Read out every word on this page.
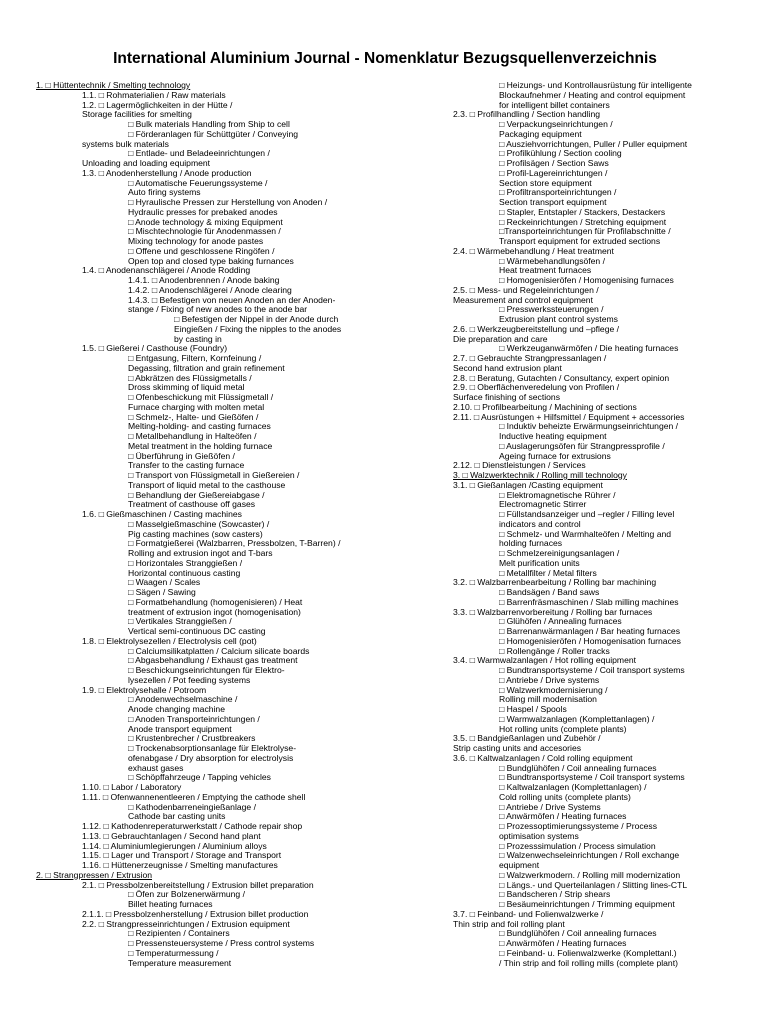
International Aluminium Journal - Nomenklatur Bezugsquellenverzeichnis
1. □ Hüttentechnik / Smelting technology
1.1. □ Rohmaterialien / Raw materials
1.2. □ Lagermöglichkeiten in der Hütte /
Storage facilities for smelting
□ Bulk materials Handling from Ship to cell
□ Förderanlagen für Schüttgüter / Conveying
systems bulk materials
□ Entlade- und Beladeeinrichtungen /
Unloading and loading equipment
1.3. □ Anodenherstellung / Anode production
□ Automatische Feuerungssysteme /
Auto firing systems
□ Hyraulische Pressen zur Herstellung von Anoden /
Hydraulic presses for prebaked anodes
□ Anode technology & mixing Equipment
□ Mischtechnologie für Anodenmassen /
Mixing technology for anode pastes
□ Offene und geschlossene Ringöfen /
Open top and closed type baking furnances
1.4. □ Anodenanschlägerei / Anode Rodding
1.4.1. □ Anodenbrennen / Anode baking
1.4.2. □ Anodenschlägerei / Anode clearing
1.4.3. □ Befestigen von neuen Anoden an der Anoden-
stange / Fixing of new anodes to the anode bar
□ Befestigen der Nippel in der Anode durch
Eingießen / Fixing the nipples to the anodes
by casting in
1.5. □ Gießerei / Casthouse (Foundry)
□ Entgasung, Filtern, Kornfeinung /
Degassing, filtration and grain refinement
□ Abkrätzen des Flüssigmetalls /
Dross skimming of liquid metal
□ Ofenbeschickung mit Flüssigmetall /
Furnace charging with molten metal
□ Schmelz-, Halte- und Gießöfen /
Melting-holding- and casting furnaces
□ Metallbehandlung in Halteöfen /
Metal treatment in the holding furnace
□ Überführung in Gießöfen /
Transfer to the casting furnace
□ Transport von Flüssigmetall in Gießereien /
Transport of liquid metal to the casthouse
□ Behandlung der Gießereiabgase /
Treatment of casthouse off gases
1.6. □ Gießmaschinen / Casting machines
□ Masselgießmaschine (Sowcaster) /
Pig casting machines (sow casters)
□ Formatgießerei (Walzbarren, Pressbolzen, T-Barren) /
Rolling and extrusion ingot and T-bars
□ Horizontales Stranggießen /
Horizontal continuous casting
□ Waagen / Scales
□ Sägen / Sawing
□ Formatbehandlung (homogenisieren) / Heat
treatment of extrusion ingot (homogenisation)
□ Vertikales Stranggießen /
Vertical semi-continuous DC casting
1.8. □ Elektrolysezellen / Electrolysis cell (pot)
□ Calciumsilikatplatten / Calcium silicate boards
□ Abgasbehandlung / Exhaust gas treatment
□ Beschickungseinrichtungen für Elektro-
lysezellen / Pot feeding systems
1.9. □ Elektrolysehalle / Potroom
□ Anodenwechselmaschine /
Anode changing machine
□ Anoden Transporteinrichtungen /
Anode transport equipment
□ Krustenbrecher / Crustbreakers
□ Trockenabsorptionsanlage für Elektrolyse-
ofenabgase / Dry absorption for electrolysis
exhaust gases
□ Schöpffahrzeuge / Tapping vehicles
1.10. □ Labor / Laboratory
1.11. □ Ofenwannenentleeren / Emptying the cathode shell
□ Kathodenbarreneingießanlage /
Cathode bar casting units
1.12. □ Kathodenreperaturwerkstatt / Cathode repair shop
1.13. □ Gebrauchtanlagen / Second hand plant
1.14. □ Aluminiumlegierungen / Aluminium alloys
1.15. □ Lager und Transport / Storage and Transport
1.16. □ Hüttenerzeugnisse / Smelting manufactures
2. □ Strangpressen / Extrusion
2.1. □ Pressbolzenbereitstellung / Extrusion billet preparation
□ Öfen zur Bolzenerwärmung /
Billet heating furnaces
2.1.1. □ Pressbolzenherstellung / Extrusion billet production
2.2. □ Strangpresseinrichtungen / Extrusion equipment
□ Rezipienten / Containers
□ Pressensteuersysteme / Press control systems
□ Temperaturmessung /
Temperature measurement
□ Heizungs- und Kontrollausrüstung für intelligente
Blockaufnehmer / Heating and control equipment
for intelligent billet containers
2.3. □ Profilhandling / Section handling
□ Verpackungseinrichtungen /
Packaging equipment
□ Ausziehvorrichtungen, Puller / Puller equipment
□ Profilkühlung / Section cooling
□ Profilsägen / Section Saws
□ Profil-Lagereinrichtungen /
Section store equipment
□ Profiltransporteinrichtungen /
Section transport equipment
□ Stapler, Entstapler / Stackers, Destackers
□ Reckeinrichtungen / Stretching equipment
□Transporteinrichtungen für Profilabschnitte /
Transport equipment for extruded sections
2.4. □ Wärmebehandlung / Heat treatment
□ Wärmebehandlungsöfen /
Heat treatment furnaces
□ Homogenisieröfen / Homogenising furnaces
2.5. □ Mess- und Regeleinrichtungen /
Measurement and control equipment
□ Presswerkssteuerungen /
Extrusion plant control systems
2.6. □ Werkzeugbereitstellung und –pflege /
Die preparation and care
□ Werkzeuganwärmöfen / Die heating furnaces
2.7. □ Gebrauchte Strangpressanlagen /
Second hand extrusion plant
2.8. □ Beratung, Gutachten / Consultancy, expert opinion
2.9. □ Oberflächenveredelung von Profilen /
Surface finishing of sections
2.10. □ Profilbearbeitung / Machining of sections
2.11. □ Ausrüstungen + Hilfsmittel / Equipment + accessories
□ Induktiv beheizte Erwärmungseinrichtungen /
Inductive heating equipment
□ Auslagerungsöfen für Strangpressprofile /
Ageing furnace for extrusions
2.12. □ Dienstleistungen / Services
3. □ Walzwerktechnik / Rolling mill technology
3.1. □ Gießanlagen /Casting equipment
□ Elektromagnetische Rührer /
Electromagnetic Stirrer
□ Füllstandsanzeiger und –regler / Filling level
indicators and control
□ Schmelz- und Warmhalteöfen / Melting and
holding furnaces
□ Schmelzereinigungsanlagen /
Melt purification units
□ Metallfilter / Metal filters
3.2. □ Walzbarrenbearbeitung / Rolling bar machining
□ Bandsägen / Band saws
□ Barrenfräsmaschinen / Slab milling machines
3.3. □ Walzbarrenvorbereitung / Rolling bar furnaces
□ Glühöfen / Annealing furnaces
□ Barrenanwärmanlagen / Bar heating furnaces
□ Homogenisieröfen / Homogenisation furnaces
□ Rollengänge / Roller tracks
3.4. □ Warmwalzanlagen / Hot rolling equipment
□ Bundtransportsysteme / Coil transport systems
□ Antriebe / Drive systems
□ Walzwerkmodernisierung /
Rolling mill modernisation
□ Haspel / Spools
□ Warmwalzanlagen (Komplettanlagen) /
Hot rolling units (complete plants)
3.5. □ Bandgießanlagen und Zubehör /
Strip casting units and accesories
3.6. □ Kaltwalzanlagen / Cold rolling equipment
□ Bundglühöfen / Coil annealing furnaces
□ Bundtransportsysteme / Coil transport systems
□ Kaltwalzanlagen (Komplettanlagen) /
Cold rolling units (complete plants)
□ Antriebe / Drive Systems
□ Anwärmöfen / Heating furnaces
□ Prozessoptimierungssysteme / Process
optimisation systems
□ Prozesssimulation / Process simulation
□ Walzenwechseleinrichtungen / Roll exchange
equipment
□ Walzwerkmodern. / Rolling mill modernization
□ Längs.- und Querteilanlagen / Slitting lines-CTL
□ Bandscheren / Strip shears
□ Besäumeinrichtungen / Trimming equipment
3.7. □ Feinband- und Folienwalzwerke /
Thin strip and foil rolling plant
□ Bundglühöfen / Coil annealing furnaces
□ Anwärmöfen / Heating furnaces
□ Feinband- u. Folienwalzwerke (Komplettanl.)
/ Thin strip and foil rolling mills (complete plant)
